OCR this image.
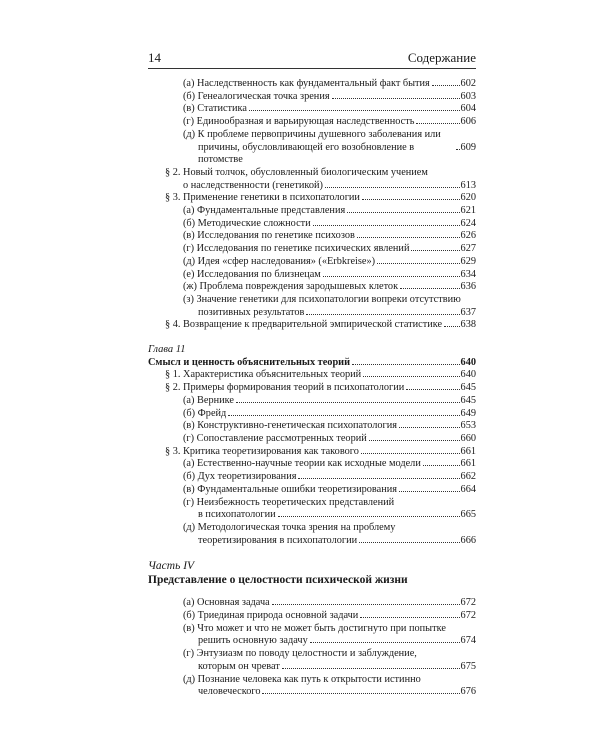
14	Содержание
(а) Наследственность как фундаментальный факт бытия	602
(б) Генеалогическая точка зрения	603
(в) Статистика	604
(г) Единообразная и варьирующая наследственность	606
(д) К проблеме первопричины душевного заболевания или
причины, обусловливающей его возобновление в потомстве
609
§ 2. Новый толчок, обусловленный биологическим учением
о наследственности (генетикой)	613
§ 3. Применение генетики в психопатологии	620
(а) Фундаментальные представления	621
(б) Методические сложности	624
(в) Исследования по генетике психозов	626
(г) Исследования по генетике психических явлений	627
(д) Идея «сфер наследования» («Erbkreise»)	629
(е) Исследования по близнецам	634
(ж) Проблема повреждения зародышевых клеток	636
(з) Значение генетики для психопатологии вопреки отсутствию
позитивных результатов	637
§ 4. Возвращение к предварительной эмпирической статистике 638
Глава 11
Смысл и ценность объяснительных теорий	640
§ 1. Характеристика объяснительных теорий	640
§ 2. Примеры формирования теорий в психопатологии	645
(а) Вернике	645
(б) Фрейд	649
(в) Конструктивно-генетическая психопатология	653
(г) Сопоставление рассмотренных теорий	660
§ 3. Критика теоретизирования как такового	661
(а) Естественно-научные теории как исходные модели	661
(б) Дух теоретизирования	662
(в) Фундаментальные ошибки теоретизирования	664
(г) Неизбежность теоретических представлений
в психопатологии	665
(д) Методологическая точка зрения на проблему
теоретизирования в психопатологии	666
Часть IV
Представление о целостности психической жизни
(а) Основная задача	672
(б) Триединая природа основной задачи	672
(в) Что может и что не может быть достигнуто при попытке
решить основную задачу	674
(г) Энтузиазм по поводу целостности и заблуждение,
которым он чреват	675
(д) Познание человека как путь к открытости истинно
человеческого	676
